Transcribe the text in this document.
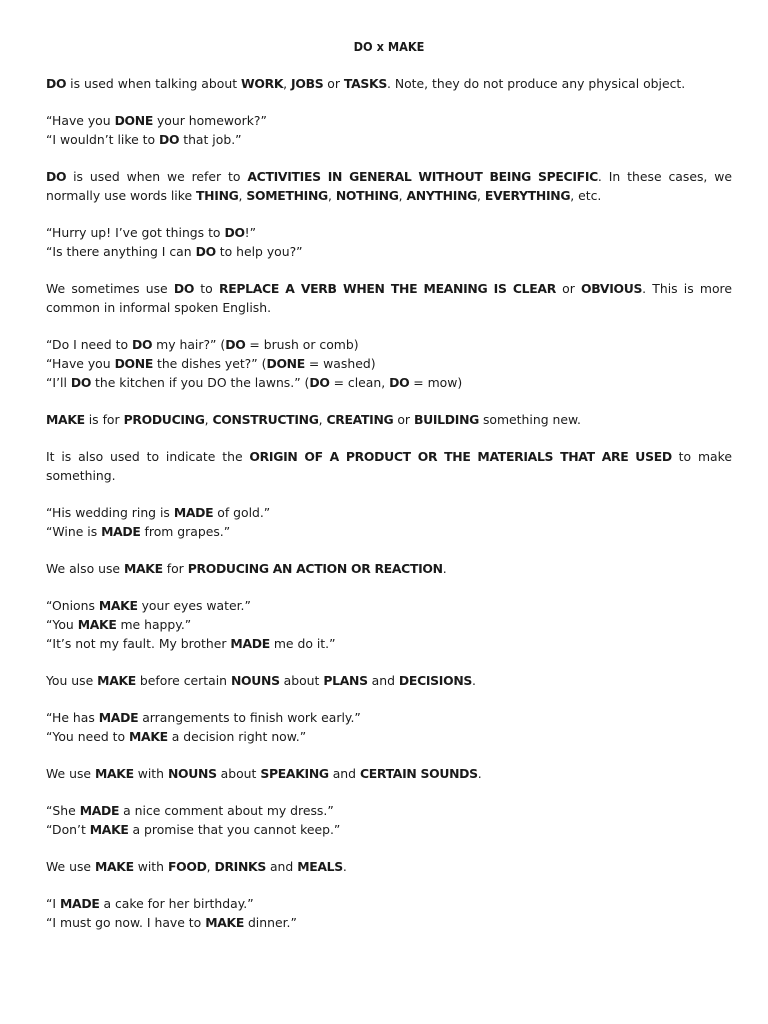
DO x MAKE
DO is used when talking about WORK, JOBS or TASKS. Note, they do not produce any physical object.
“Have you DONE your homework?”
“I wouldn’t like to DO that job.”
DO is used when we refer to ACTIVITIES IN GENERAL WITHOUT BEING SPECIFIC. In these cases, we normally use words like THING, SOMETHING, NOTHING, ANYTHING, EVERYTHING, etc.
“Hurry up! I’ve got things to DO!”
“Is there anything I can DO to help you?”
We sometimes use DO to REPLACE A VERB WHEN THE MEANING IS CLEAR or OBVIOUS. This is more common in informal spoken English.
“Do I need to DO my hair?” (DO = brush or comb)
“Have you DONE the dishes yet?” (DONE = washed)
“I’ll DO the kitchen if you DO the lawns.” (DO = clean, DO = mow)
MAKE is for PRODUCING, CONSTRUCTING, CREATING or BUILDING something new.
It is also used to indicate the ORIGIN OF A PRODUCT OR THE MATERIALS THAT ARE USED to make something.
“His wedding ring is MADE of gold.”
“Wine is MADE from grapes.”
We also use MAKE for PRODUCING AN ACTION OR REACTION.
“Onions MAKE your eyes water.”
“You MAKE me happy.”
“It’s not my fault. My brother MADE me do it.”
You use MAKE before certain NOUNS about PLANS and DECISIONS.
“He has MADE arrangements to finish work early.”
“You need to MAKE a decision right now.”
We use MAKE with NOUNS about SPEAKING and CERTAIN SOUNDS.
“She MADE a nice comment about my dress.”
“Don’t MAKE a promise that you cannot keep.”
We use MAKE with FOOD, DRINKS and MEALS.
“I MADE a cake for her birthday.”
“I must go now. I have to MAKE dinner.”
